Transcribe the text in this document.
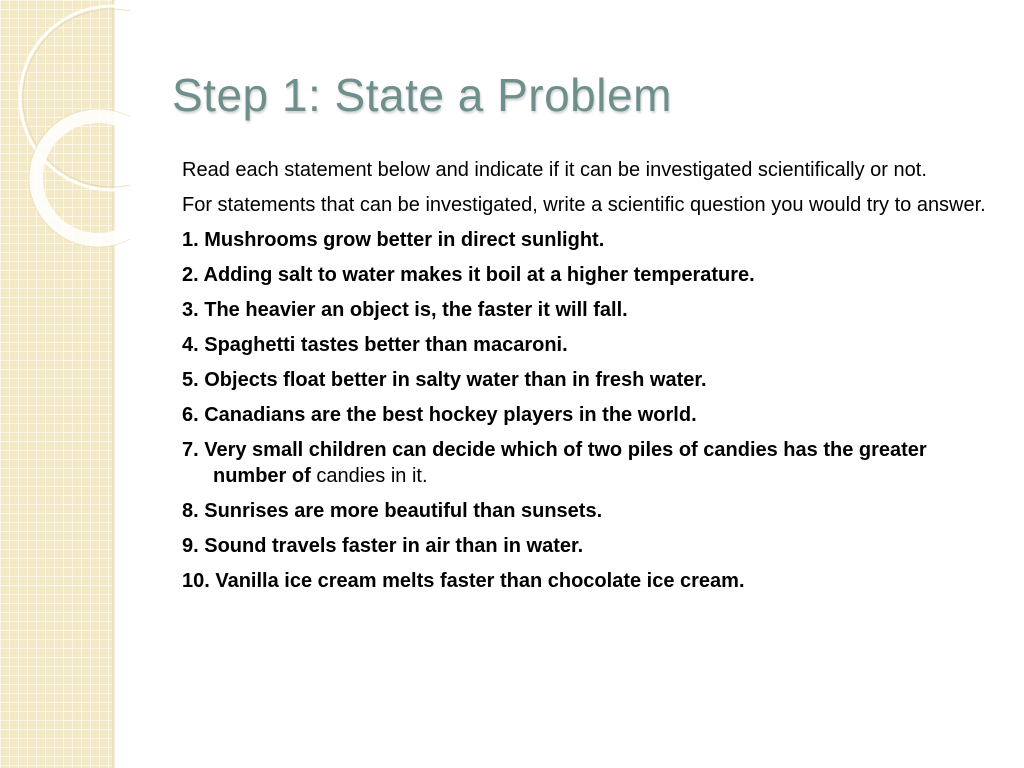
Step 1: State a Problem

Read each statement below and indicate if it can be investigated scientifically or not.

For statements that can be investigated, write a scientific question you would try to answer.

1. Mushrooms grow better in direct sunlight.

2. Adding salt to water makes it boil at a higher temperature.

3. The heavier an object is, the faster it will fall.

4. Spaghetti tastes better than macaroni.

5. Objects float better in salty water than in fresh water.

6. Canadians are the best hockey players in the world.

7. Very small children can decide which of two piles of candies has the greater number of candies in it.

8. Sunrises are more beautiful than sunsets.

9. Sound travels faster in air than in water.

10. Vanilla ice cream melts faster than chocolate ice cream.
